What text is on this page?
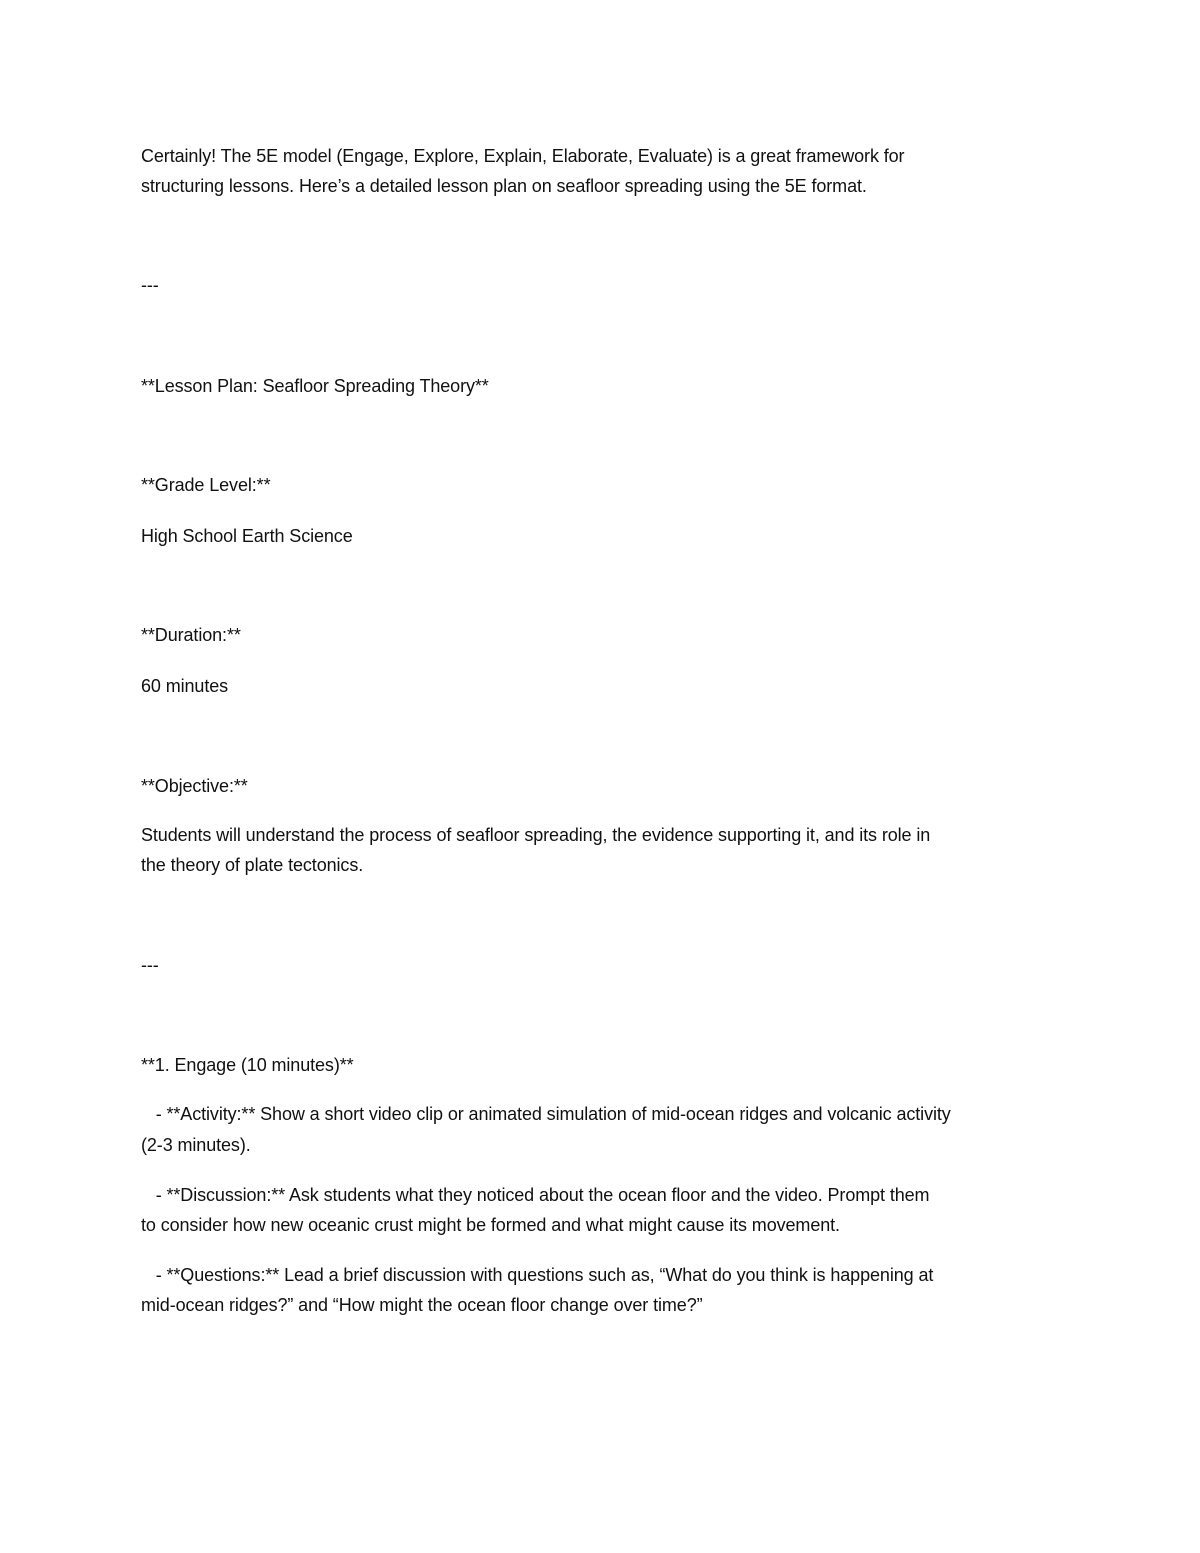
Certainly! The 5E model (Engage, Explore, Explain, Elaborate, Evaluate) is a great framework for
structuring lessons. Here’s a detailed lesson plan on seafloor spreading using the 5E format.
---
**Lesson Plan: Seafloor Spreading Theory**
**Grade Level:**
High School Earth Science
**Duration:**
60 minutes
**Objective:**
Students will understand the process of seafloor spreading, the evidence supporting it, and its role in
the theory of plate tectonics.
---
**1. Engage (10 minutes)**
- **Activity:** Show a short video clip or animated simulation of mid-ocean ridges and volcanic activity
(2-3 minutes).
- **Discussion:** Ask students what they noticed about the ocean floor and the video. Prompt them
to consider how new oceanic crust might be formed and what might cause its movement.
- **Questions:** Lead a brief discussion with questions such as, “What do you think is happening at
mid-ocean ridges?” and “How might the ocean floor change over time?”
